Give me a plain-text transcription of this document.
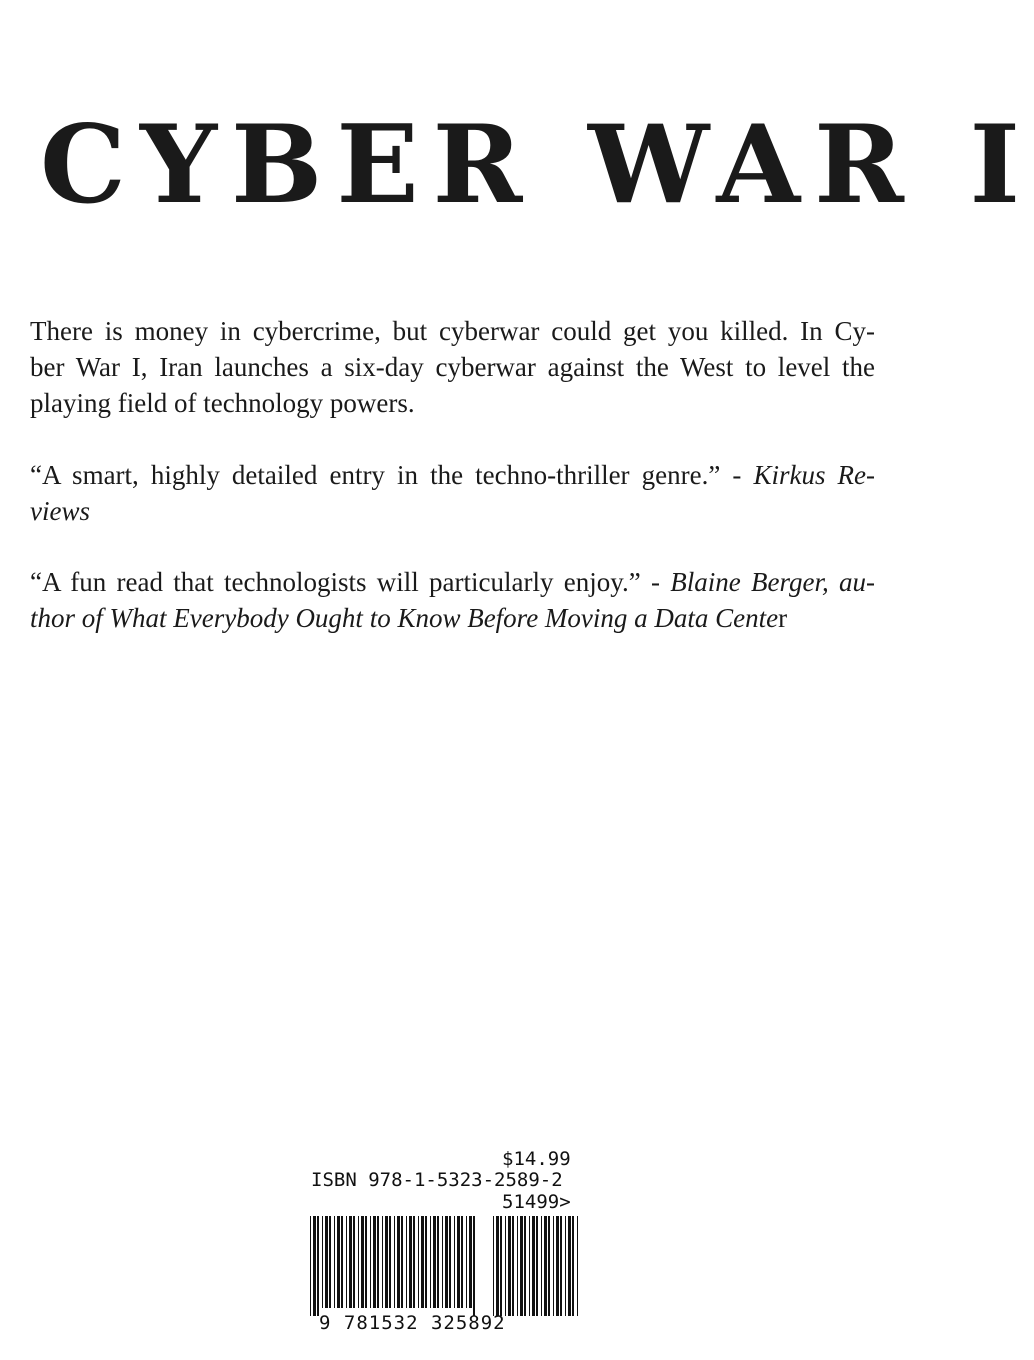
CYBER WAR I
There is money in cybercrime, but cyberwar could get you killed. In Cy-
ber War I, Iran launches a six-day cyberwar against the West to level the
playing field of technology powers.
“A smart, highly detailed entry in the techno-thriller genre.” - Kirkus Re-
views
“A fun read that technologists will particularly enjoy.” - Blaine Berger, au-
thor of What Everybody Ought to Know Before Moving a Data Center
$14.99
ISBN 978-1-5323-2589-2
51499>
9 781532 325892
